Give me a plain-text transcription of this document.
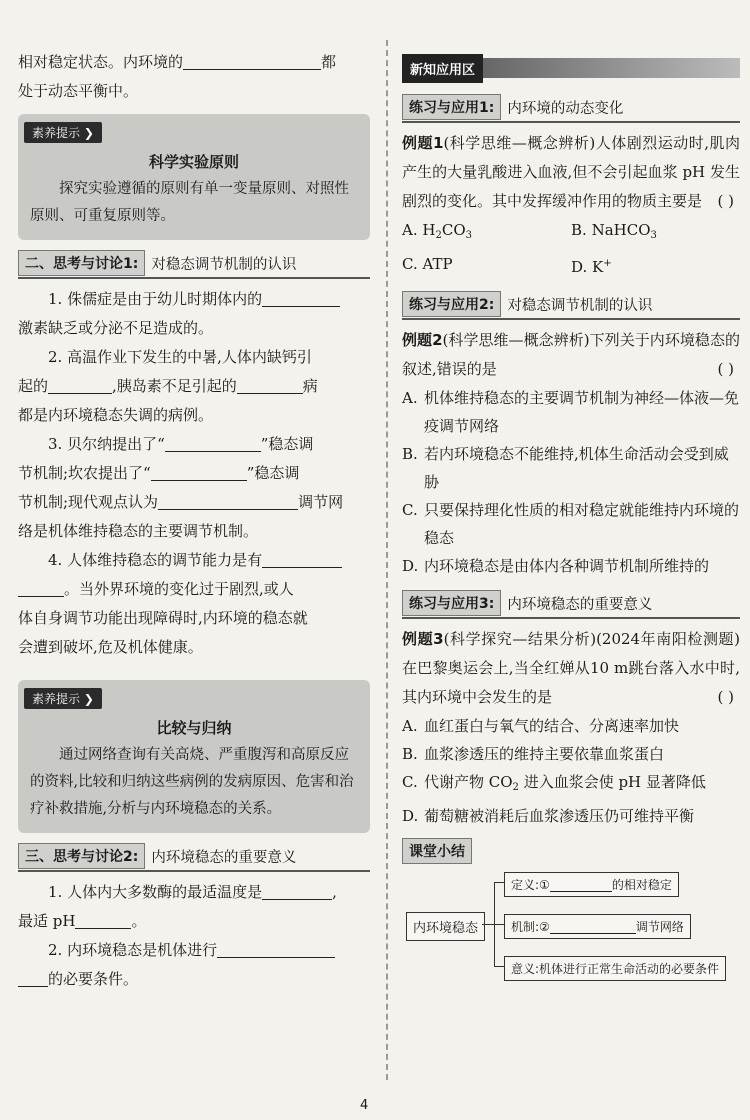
相对稳定状态。内环境的	都

处于动态平衡中。

素养提示 ❯
科学实验原则

探究实验遵循的原则有单一变量原则、对照性原则、可重复原则等。

二、思考与讨论1: 对稳态调节机制的认识

1. 侏儒症是由于幼儿时期体内的

激素缺乏或分泌不足造成的。

2. 高温作业下发生的中暑,人体内缺钙引

起的	,胰岛素不足引起的	病

都是内环境稳态失调的病例。

3. 贝尔纳提出了“	”稳态调

节机制;坎农提出了“	”稳态调

节机制;现代观点认为	调节网

络是机体维持稳态的主要调节机制。

4. 人体维持稳态的调节能力是有

。当外界环境的变化过于剧烈,或人

体自身调节功能出现障碍时,内环境的稳态就

会遭到破坏,危及机体健康。

素养提示 ❯
比较与归纳

通过网络查询有关高烧、严重腹泻和高原反应的资料,比较和归纳这些病例的发病原因、危害和治疗补救措施,分析与内环境稳态的关系。

三、思考与讨论2: 内环境稳态的重要意义

1. 人体内大多数酶的最适温度是	,

最适 pH	。

2. 内环境稳态是机体进行

的必要条件。

新知应用区
练习与应用1: 内环境的动态变化

例题1(科学思维—概念辨析)人体剧烈运动时,肌肉产生的大量乳酸进入血液,但不会引起血浆 pH 发生剧烈的变化。其中发挥缓冲作用的物质主要是 ( )

A. $H_2CO_3$	B. NaHCO$_3$
C. ATP	D. K+
练习与应用2: 对稳态调节机制的认识

例题2(科学思维—概念辨析)下列关于内环境稳态的叙述,错误的是	( )

A. 机体维持稳态的主要调节机制为神经—体液—免疫调节网络
B. 若内环境稳态不能维持,机体生命活动会受到威胁
C. 只要保持理化性质的相对稳定就能维持内环境的稳态
D. 内环境稳态是由体内各种调节机制所维持的
练习与应用3: 内环境稳态的重要意义

例题3(科学探究—结果分析)(2024年南阳检测题)在巴黎奥运会上,当全红婵从10 m跳台落入水中时,其内环境中会发生的是	( )

A. 血红蛋白与氧气的结合、分离速率加快
B. 血浆渗透压的维持主要依靠血浆蛋白
C. 代谢产物 $CO_2$ 进入血浆会使 pH 显著降低
D. 葡萄糖被消耗后血浆渗透压仍可维持平衡
课堂小结
内环境稳态
定义:①	的相对稳定
机制:②	调节网络
意义:机体进行正常生命活动的必要条件
4
